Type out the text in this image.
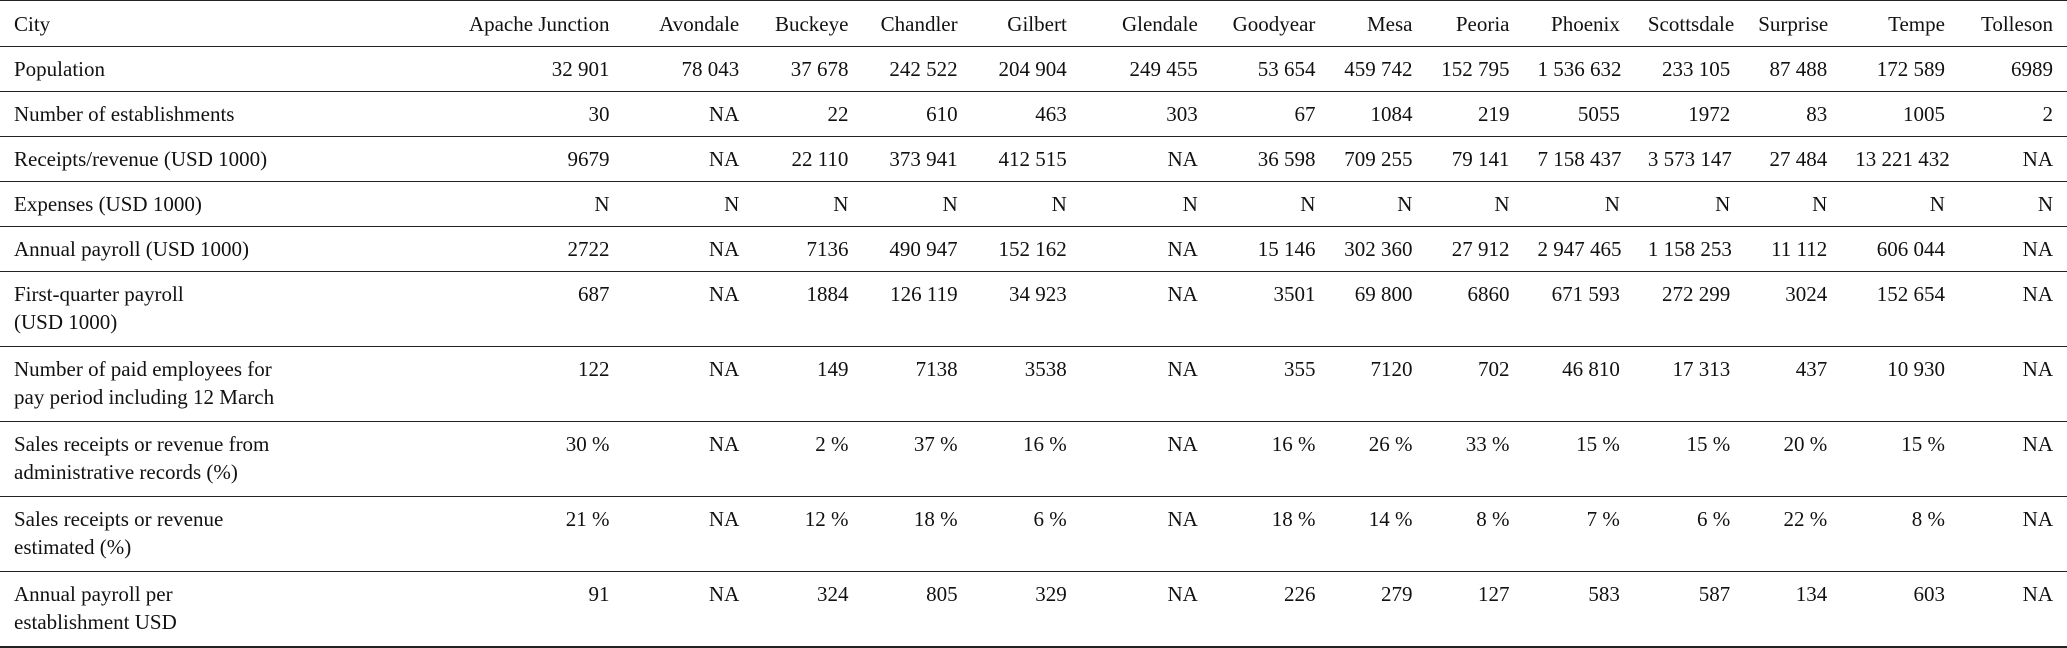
City	Apache Junction	Avondale	Buckeye	Chandler	Gilbert	Glendale	Goodyear	Mesa	Peoria	Phoenix	Scottsdale	Surprise	Tempe	Tolleson

Population	32 901	78 043	37 678	242 522	204 904	249 455	53 654	459 742	152 795	1 536 632	233 105	87 488	172 589	6989

Number of establishments	30	NA	22	610	463	303	67	1084	219	5055	1972	83	1005	2

Receipts/revenue (USD 1000)	9679	NA	22 110	373 941	412 515	NA	36 598	709 255	79 141	7 158 437	3 573 147	27 484	13 221 432	NA

Expenses (USD 1000)	N	N	N	N	N	N	N	N	N	N	N	N	N	N

Annual payroll (USD 1000)	2722	NA	7136	490 947	152 162	NA	15 146	302 360	27 912	2 947 465	1 158 253	11 112	606 044	NA

First-quarter payroll
(USD 1000)	687	NA	1884	126 119	34 923	NA	3501	69 800	6860	671 593	272 299	3024	152 654	NA

Number of paid employees for
pay period including 12 March	122	NA	149	7138	3538	NA	355	7120	702	46 810	17 313	437	10 930	NA

Sales receipts or revenue from
administrative records (%)	30 %	NA	2 %	37 %	16 %	NA	16 %	26 %	33 %	15 %	15 %	20 %	15 %	NA

Sales receipts or revenue
estimated (%)	21 %	NA	12 %	18 %	6 %	NA	18 %	14 %	8 %	7 %	6 %	22 %	8 %	NA

Annual payroll per
establishment USD	91	NA	324	805	329	NA	226	279	127	583	587	134	603	NA
